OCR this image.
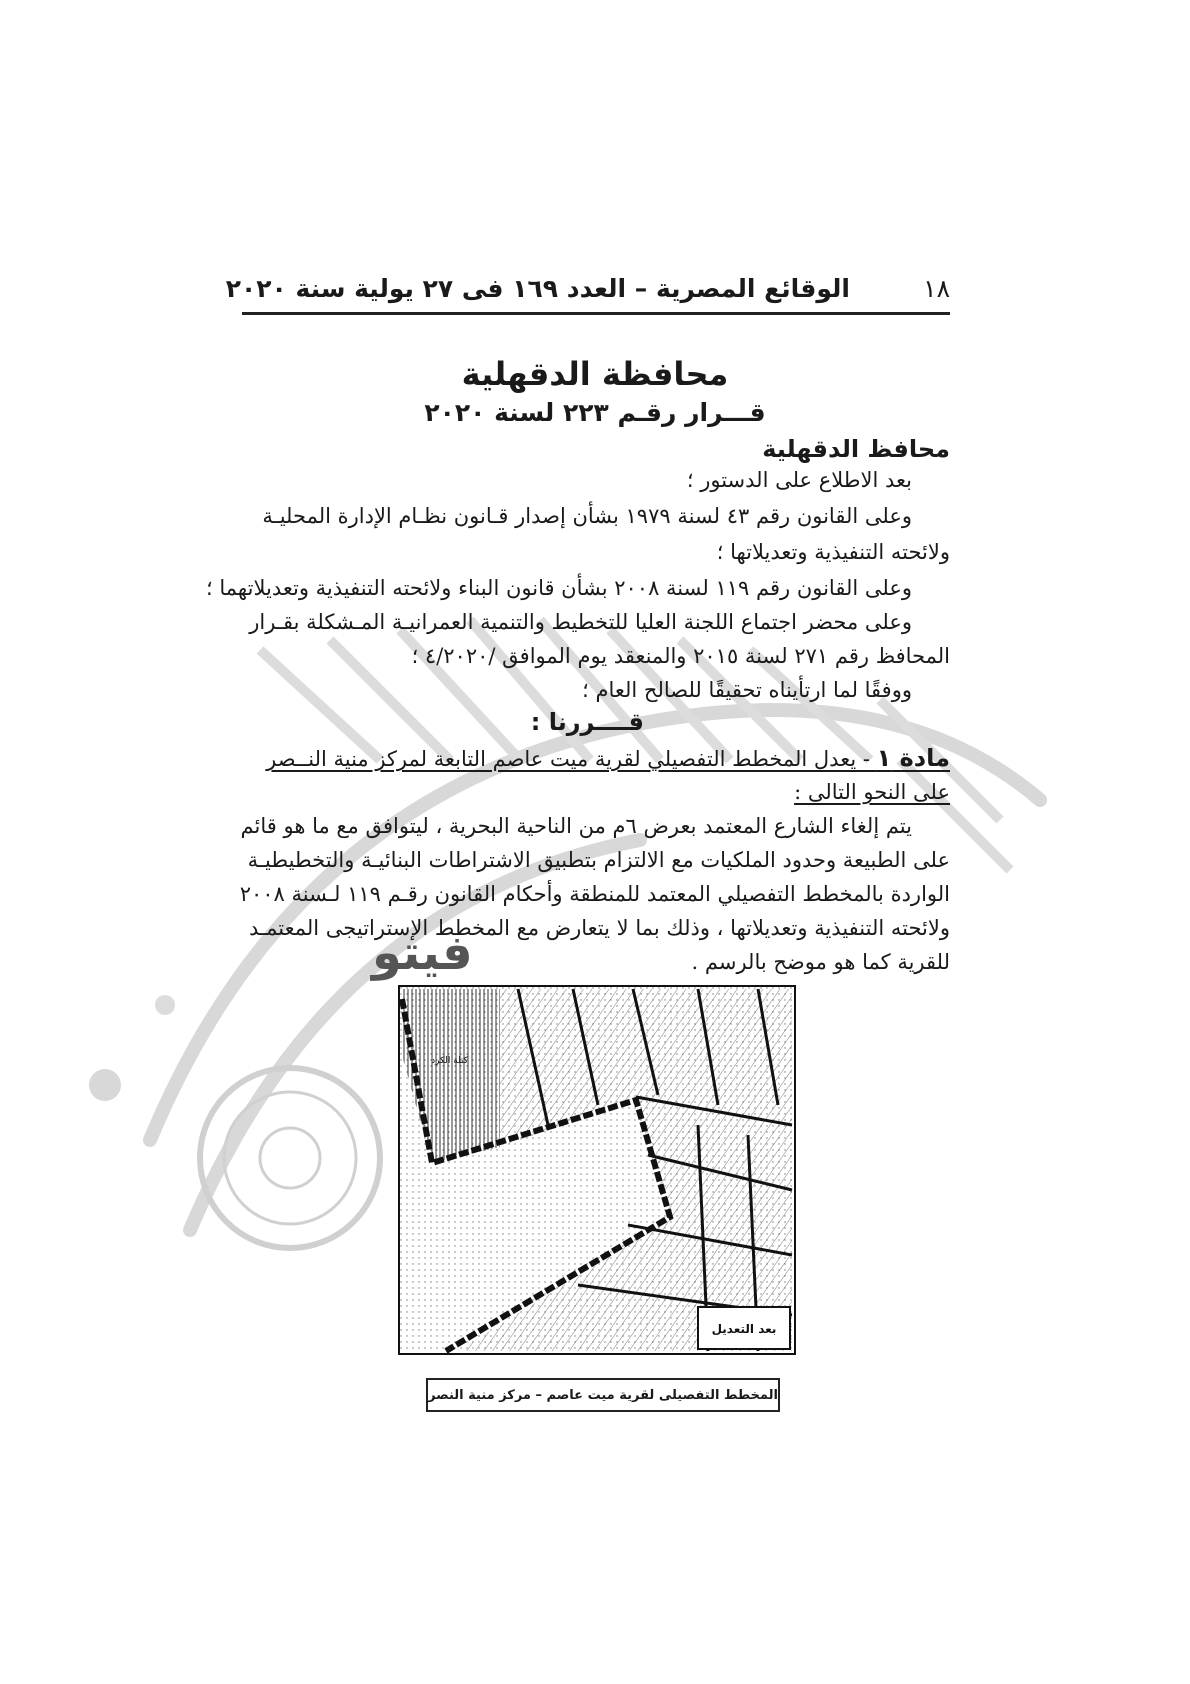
١٨
الوقائع المصرية – العدد ١٦٩ فى ٢٧ يولية سنة ٢٠٢٠
محافظة الدقهلية
قـــرار رقـم ٢٢٣ لسنة ٢٠٢٠
محافظ الدقهلية
بعد الاطلاع على الدستور ؛
وعلى القانون رقم ٤٣ لسنة ١٩٧٩ بشأن إصدار قـانون نظـام الإدارة المحليـة
ولائحته التنفيذية وتعديلاتها ؛
وعلى القانون رقم ١١٩ لسنة ٢٠٠٨ بشأن قانون البناء ولائحته التنفيذية وتعديلاتهما ؛
وعلى محضر اجتماع اللجنة العليا للتخطيط والتنمية العمرانيـة المـشكلة بقـرار
المحافظ رقم ٢٧١ لسنة ٢٠١٥ والمنعقد يوم الموافق /٤/٢٠٢٠ ؛
ووفقًا لما ارتأيناه تحقيقًا للصالح العام ؛
قــــررنا :
مادة ١ - يعدل المخطط التفصيلي لقرية ميت عاصم التابعة لمركز منية النــصر
على النحو التالى :
يتم إلغاء الشارع المعتمد بعرض ٦م من الناحية البحرية ، ليتوافق مع ما هو قائم
على الطبيعة وحدود الملكيات مع الالتزام بتطبيق الاشتراطات البنائيـة والتخطيطيـة
الواردة بالمخطط التفصيلي المعتمد للمنطقة وأحكام القانون رقـم ١١٩ لـسنة ٢٠٠٨
ولائحته التنفيذية وتعديلاتها ، وذلك بما لا يتعارض مع المخطط الإستراتيجى المعتمـد
للقرية كما هو موضح بالرسم .
فيتو
كتلة الكرد
بعد التعديل
المخطط التفصيلى لقرية ميت عاصم – مركز منية النصر
